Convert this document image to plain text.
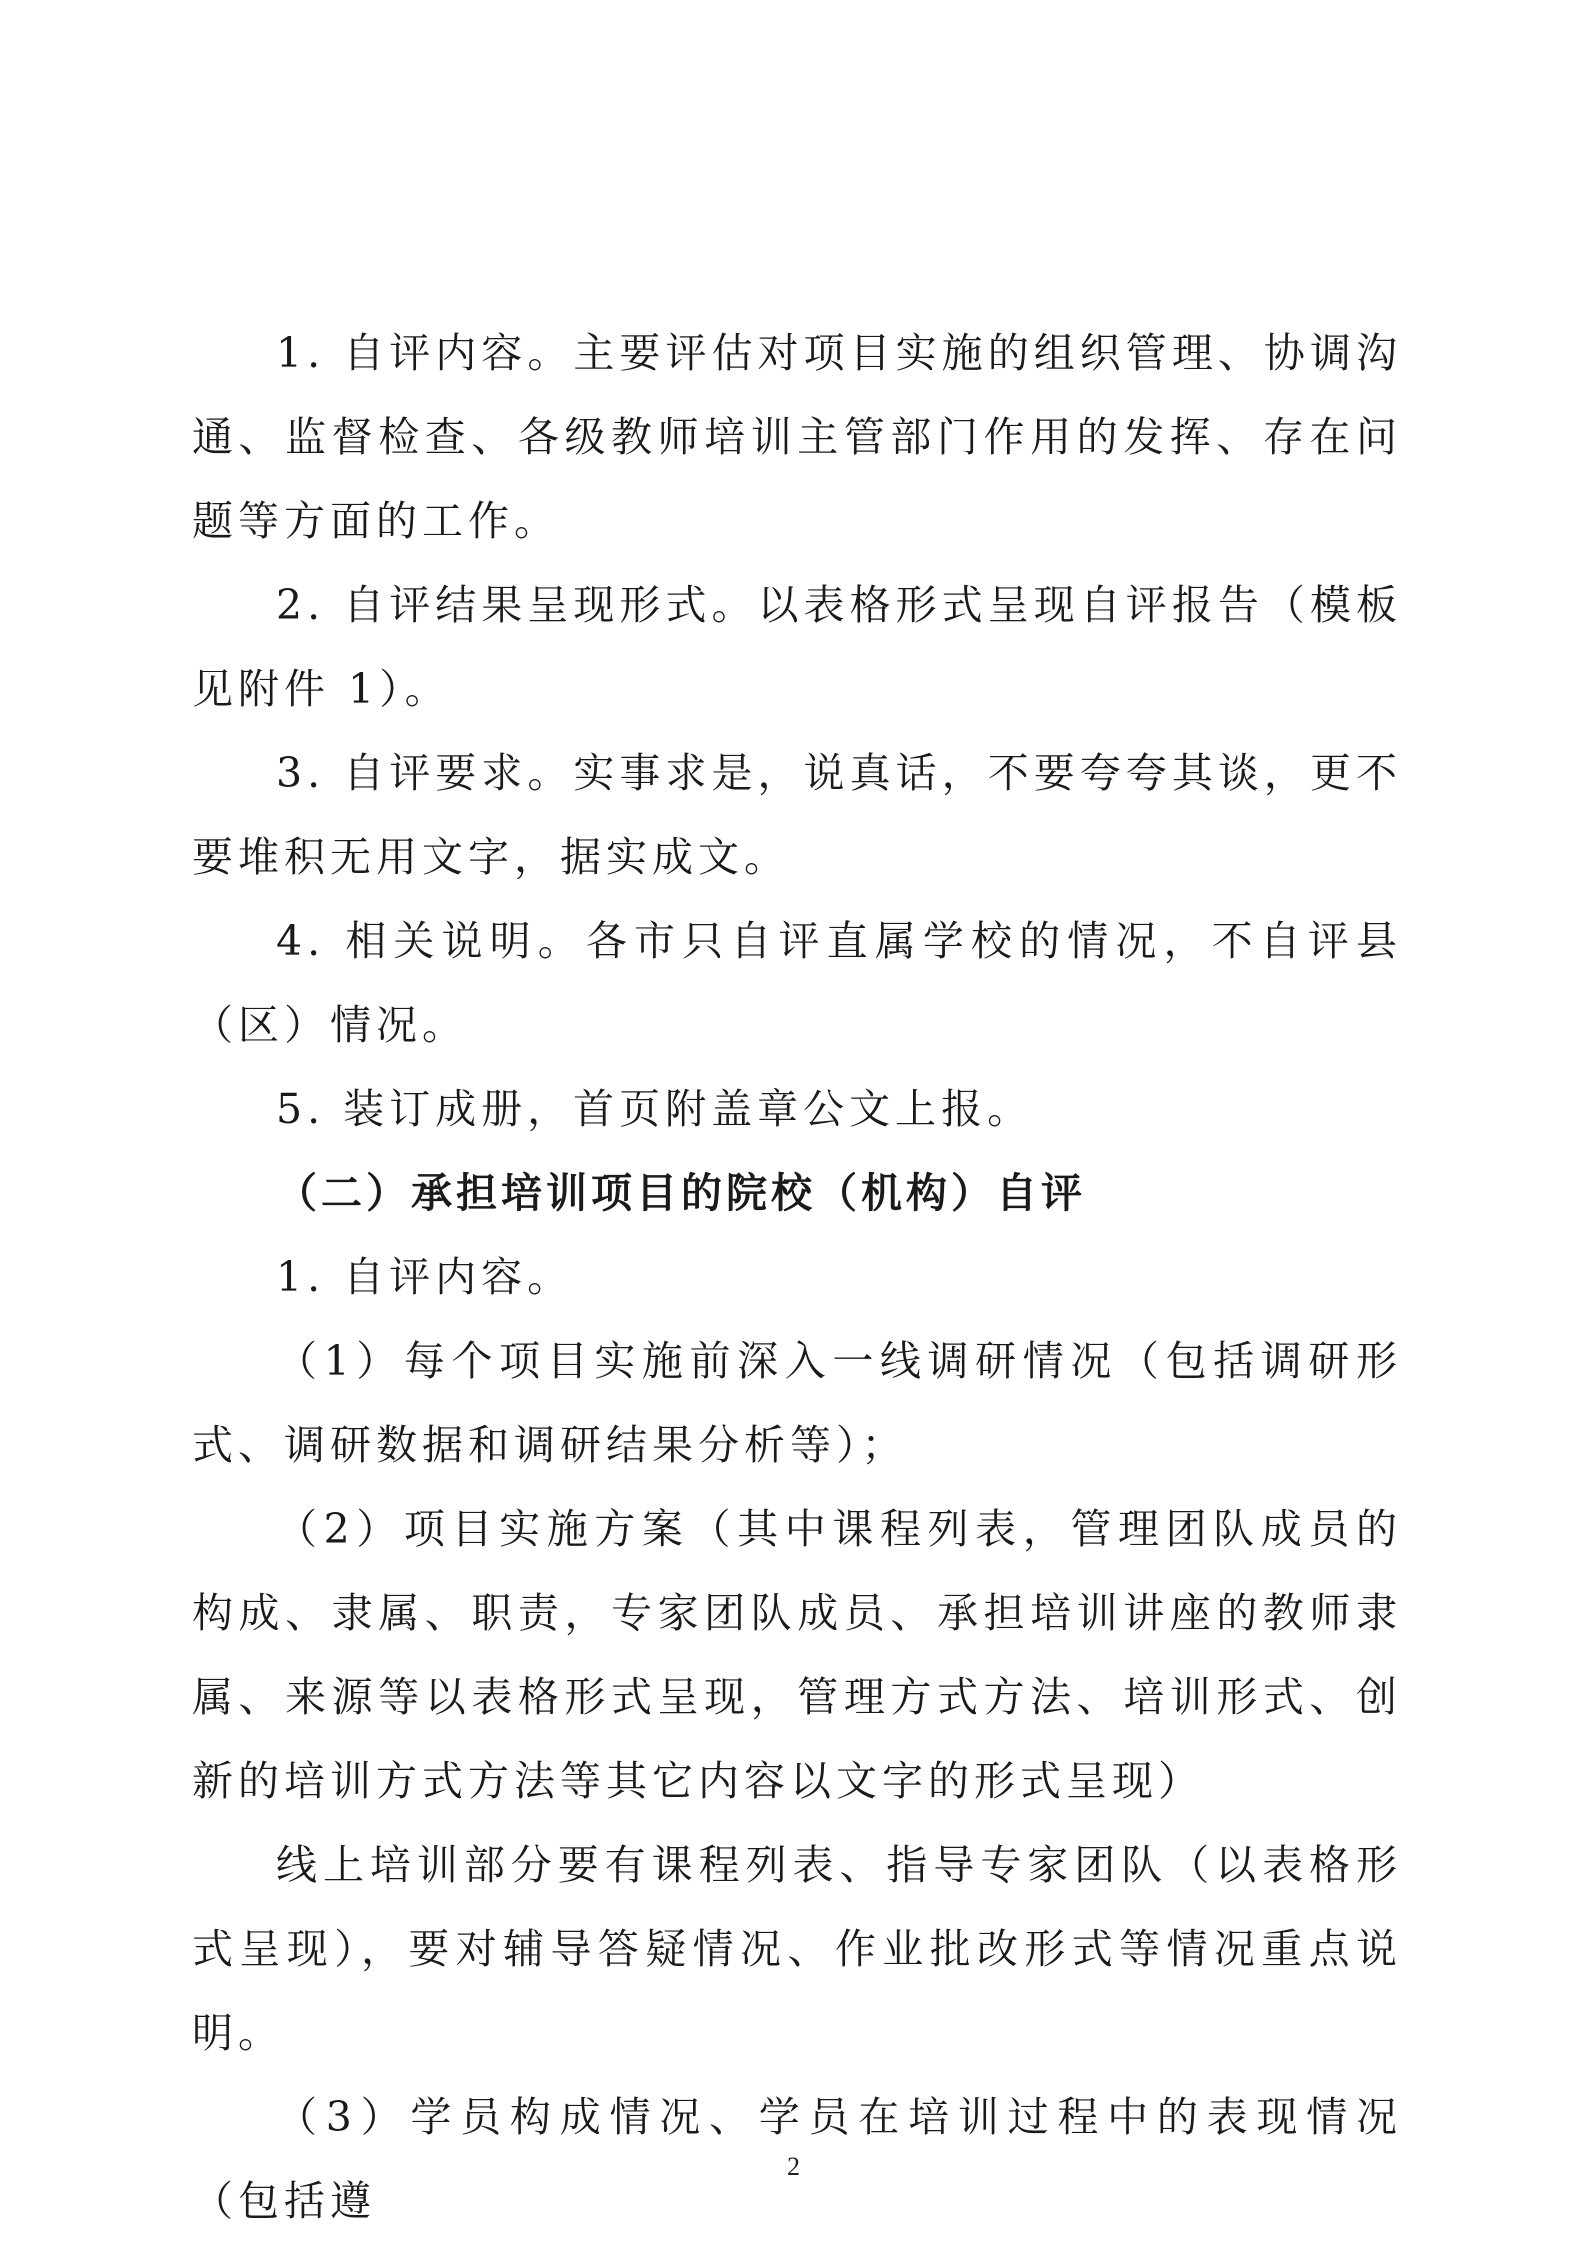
1. 自评内容。主要评估对项目实施的组织管理、协调沟通、监督检查、各级教师培训主管部门作用的发挥、存在问题等方面的工作。

2. 自评结果呈现形式。以表格形式呈现自评报告（模板见附件 1）。

3. 自评要求。实事求是，说真话，不要夸夸其谈，更不要堆积无用文字，据实成文。

4. 相关说明。各市只自评直属学校的情况，不自评县（区）情况。

5. 装订成册，首页附盖章公文上报。

（二）承担培训项目的院校（机构）自评

1. 自评内容。

（1）每个项目实施前深入一线调研情况（包括调研形式、调研数据和调研结果分析等）；

（2）项目实施方案（其中课程列表，管理团队成员的构成、隶属、职责，专家团队成员、承担培训讲座的教师隶属、来源等以表格形式呈现，管理方式方法、培训形式、创新的培训方式方法等其它内容以文字的形式呈现）

线上培训部分要有课程列表、指导专家团队（以表格形式呈现），要对辅导答疑情况、作业批改形式等情况重点说明。

（3）学员构成情况、学员在培训过程中的表现情况（包括遵

2
